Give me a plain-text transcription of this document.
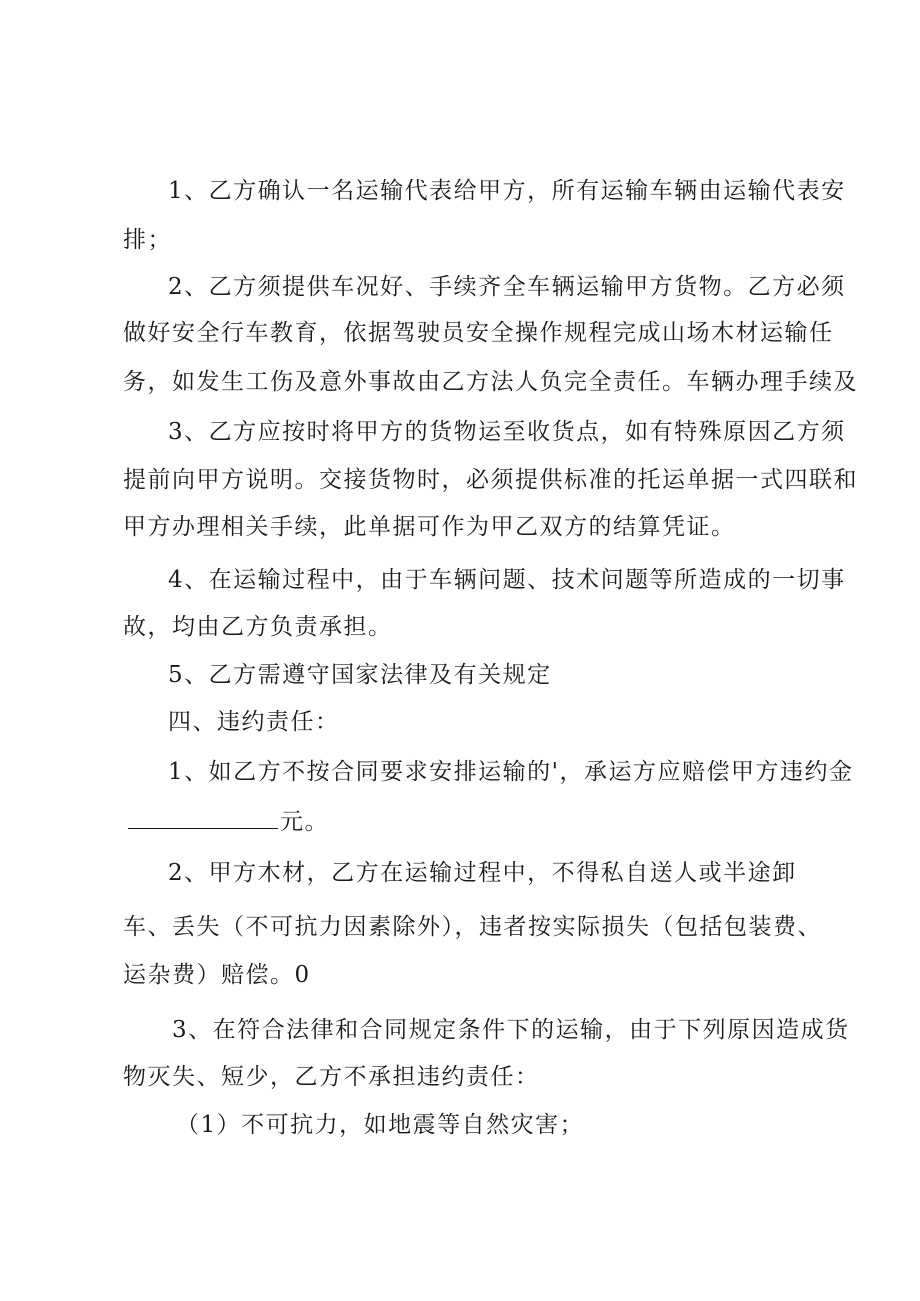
1、乙方确认一名运输代表给甲方，所有运输车辆由运输代表安
排；
2、乙方须提供车况好、手续齐全车辆运输甲方货物。乙方必须
做好安全行车教育，依据驾驶员安全操作规程完成山场木材运输任
务，如发生工伤及意外事故由乙方法人负完全责任。车辆办理手续及
3、乙方应按时将甲方的货物运至收货点，如有特殊原因乙方须
提前向甲方说明。交接货物时，必须提供标准的托运单据一式四联和
甲方办理相关手续，此单据可作为甲乙双方的结算凭证。
4、在运输过程中，由于车辆问题、技术问题等所造成的一切事
故，均由乙方负责承担。
5、乙方需遵守国家法律及有关规定
四、违约责任：
1、如乙方不按合同要求安排运输的'，承运方应赔偿甲方违约金
元。
2、甲方木材，乙方在运输过程中，不得私自送人或半途卸
车、丢失（不可抗力因素除外），违者按实际损失（包括包装费、
运杂费）赔偿。0
3、在符合法律和合同规定条件下的运输，由于下列原因造成货
物灭失、短少，乙方不承担违约责任：
（1）不可抗力，如地震等自然灾害；
